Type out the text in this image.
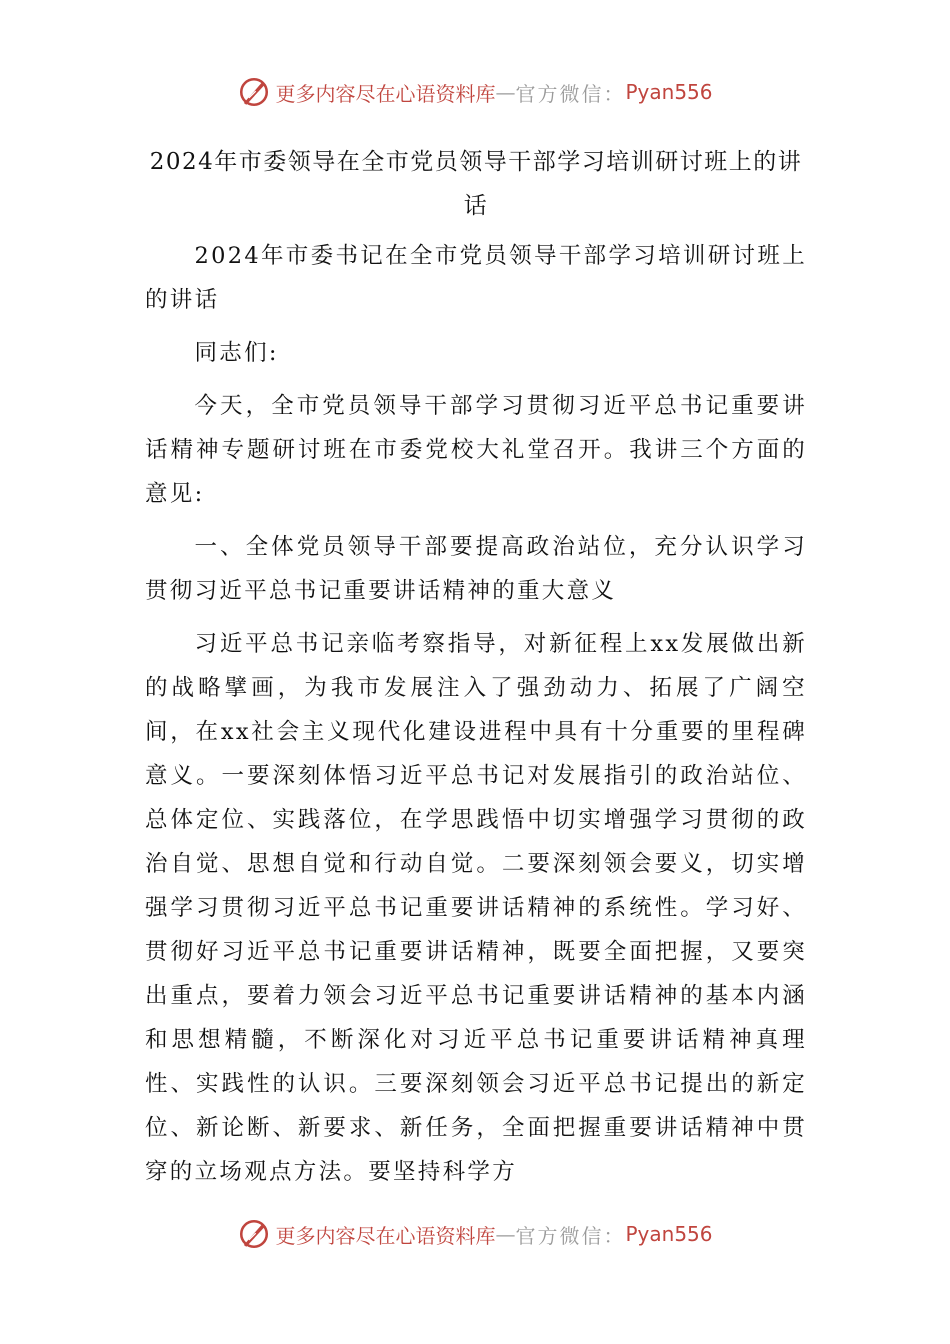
更多内容尽在心语资料库 — 官方微信： Pyan556
2024年市委领导在全市党员领导干部学习培训研讨班上的讲话

2024年市委书记在全市党员领导干部学习培训研讨班上的讲话

同志们:

今天，全市党员领导干部学习贯彻习近平总书记重要讲话精神专题研讨班在市委党校大礼堂召开。我讲三个方面的意见:

一、全体党员领导干部要提高政治站位，充分认识学习贯彻习近平总书记重要讲话精神的重大意义

习近平总书记亲临考察指导，对新征程上xx发展做出新的战略擘画，为我市发展注入了强劲动力、拓展了广阔空间，在xx社会主义现代化建设进程中具有十分重要的里程碑意义。一要深刻体悟习近平总书记对发展指引的政治站位、总体定位、实践落位，在学思践悟中切实增强学习贯彻的政治自觉、思想自觉和行动自觉。二要深刻领会要义，切实增强学习贯彻习近平总书记重要讲话精神的系统性。学习好、贯彻好习近平总书记重要讲话精神，既要全面把握，又要突出重点，要着力领会习近平总书记重要讲话精神的基本内涵和思想精髓，不断深化对习近平总书记重要讲话精神真理性、实践性的认识。三要深刻领会习近平总书记提出的新定位、新论断、新要求、新任务，全面把握重要讲话精神中贯穿的立场观点方法。要坚持科学方

更多内容尽在心语资料库 — 官方微信： Pyan556
